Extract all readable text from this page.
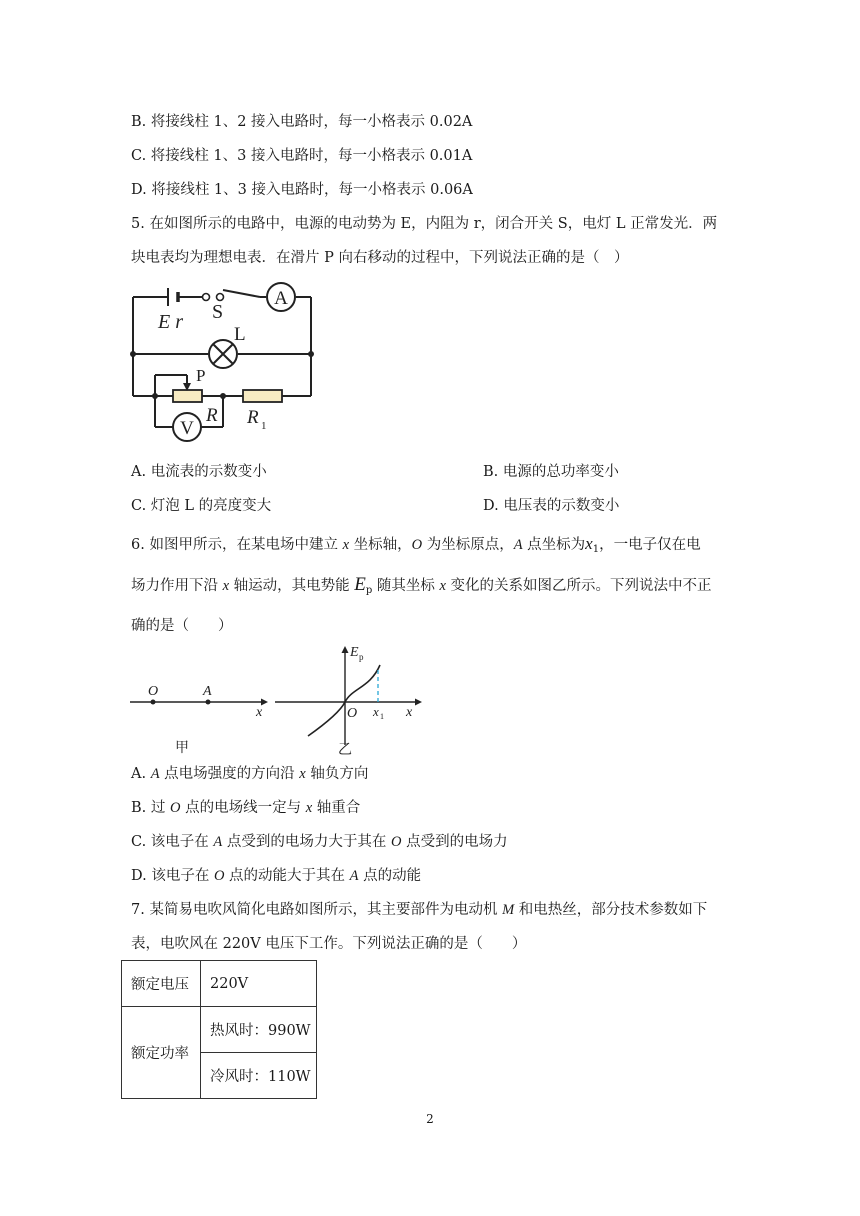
B. 将接线柱 1、2 接入电路时，每一小格表示 0.02A
C. 将接线柱 1、3 接入电路时，每一小格表示 0.01A
D. 将接线柱 1、3 接入电路时，每一小格表示 0.06A
5. 在如图所示的电路中，电源的电动势为 E，内阻为 r，闭合开关 S，电灯 L 正常发光．两
块电表均为理想电表．在滑片 P 向右移动的过程中，下列说法正确的是（　）
E r S
A
L
P
R R 1
V
A. 电流表的示数变小	B. 电源的总功率变小
C. 灯泡 L 的亮度变大	D. 电压表的示数变小
6. 如图甲所示，在某电场中建立 x 坐标轴，O 为坐标原点，A 点坐标为$x_1$，一电子仅在电
场力作用下沿 x 轴运动，其电势能 $E_p$ 随其坐标 x 变化的关系如图乙所示。下列说法中不正
确的是（　　）
O	A
x
甲
E p
O x 1 x
乙
A. A 点电场强度的方向沿 x 轴负方向
B. 过 O 点的电场线一定与 x 轴重合
C. 该电子在 A 点受到的电场力大于其在 O 点受到的电场力
D. 该电子在 O 点的动能大于其在 A 点的动能
7. 某简易电吹风简化电路如图所示，其主要部件为电动机 M 和电热丝，部分技术参数如下
表，电吹风在 220V 电压下工作。下列说法正确的是（　　）
额定电压	220V
额定功率	热风时：990W
	冷风时：110W
2
